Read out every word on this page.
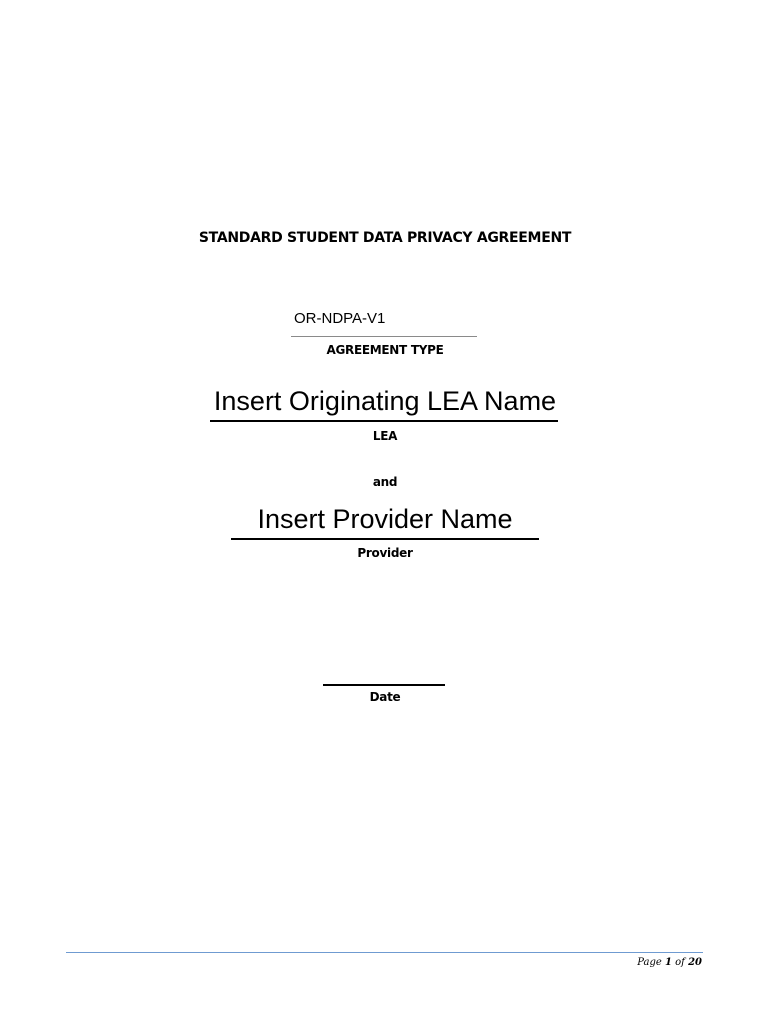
STANDARD STUDENT DATA PRIVACY AGREEMENT
OR-NDPA-V1
AGREEMENT TYPE
Insert Originating LEA Name
LEA
and
Insert Provider Name
Provider
Date
Page 1 of 20
